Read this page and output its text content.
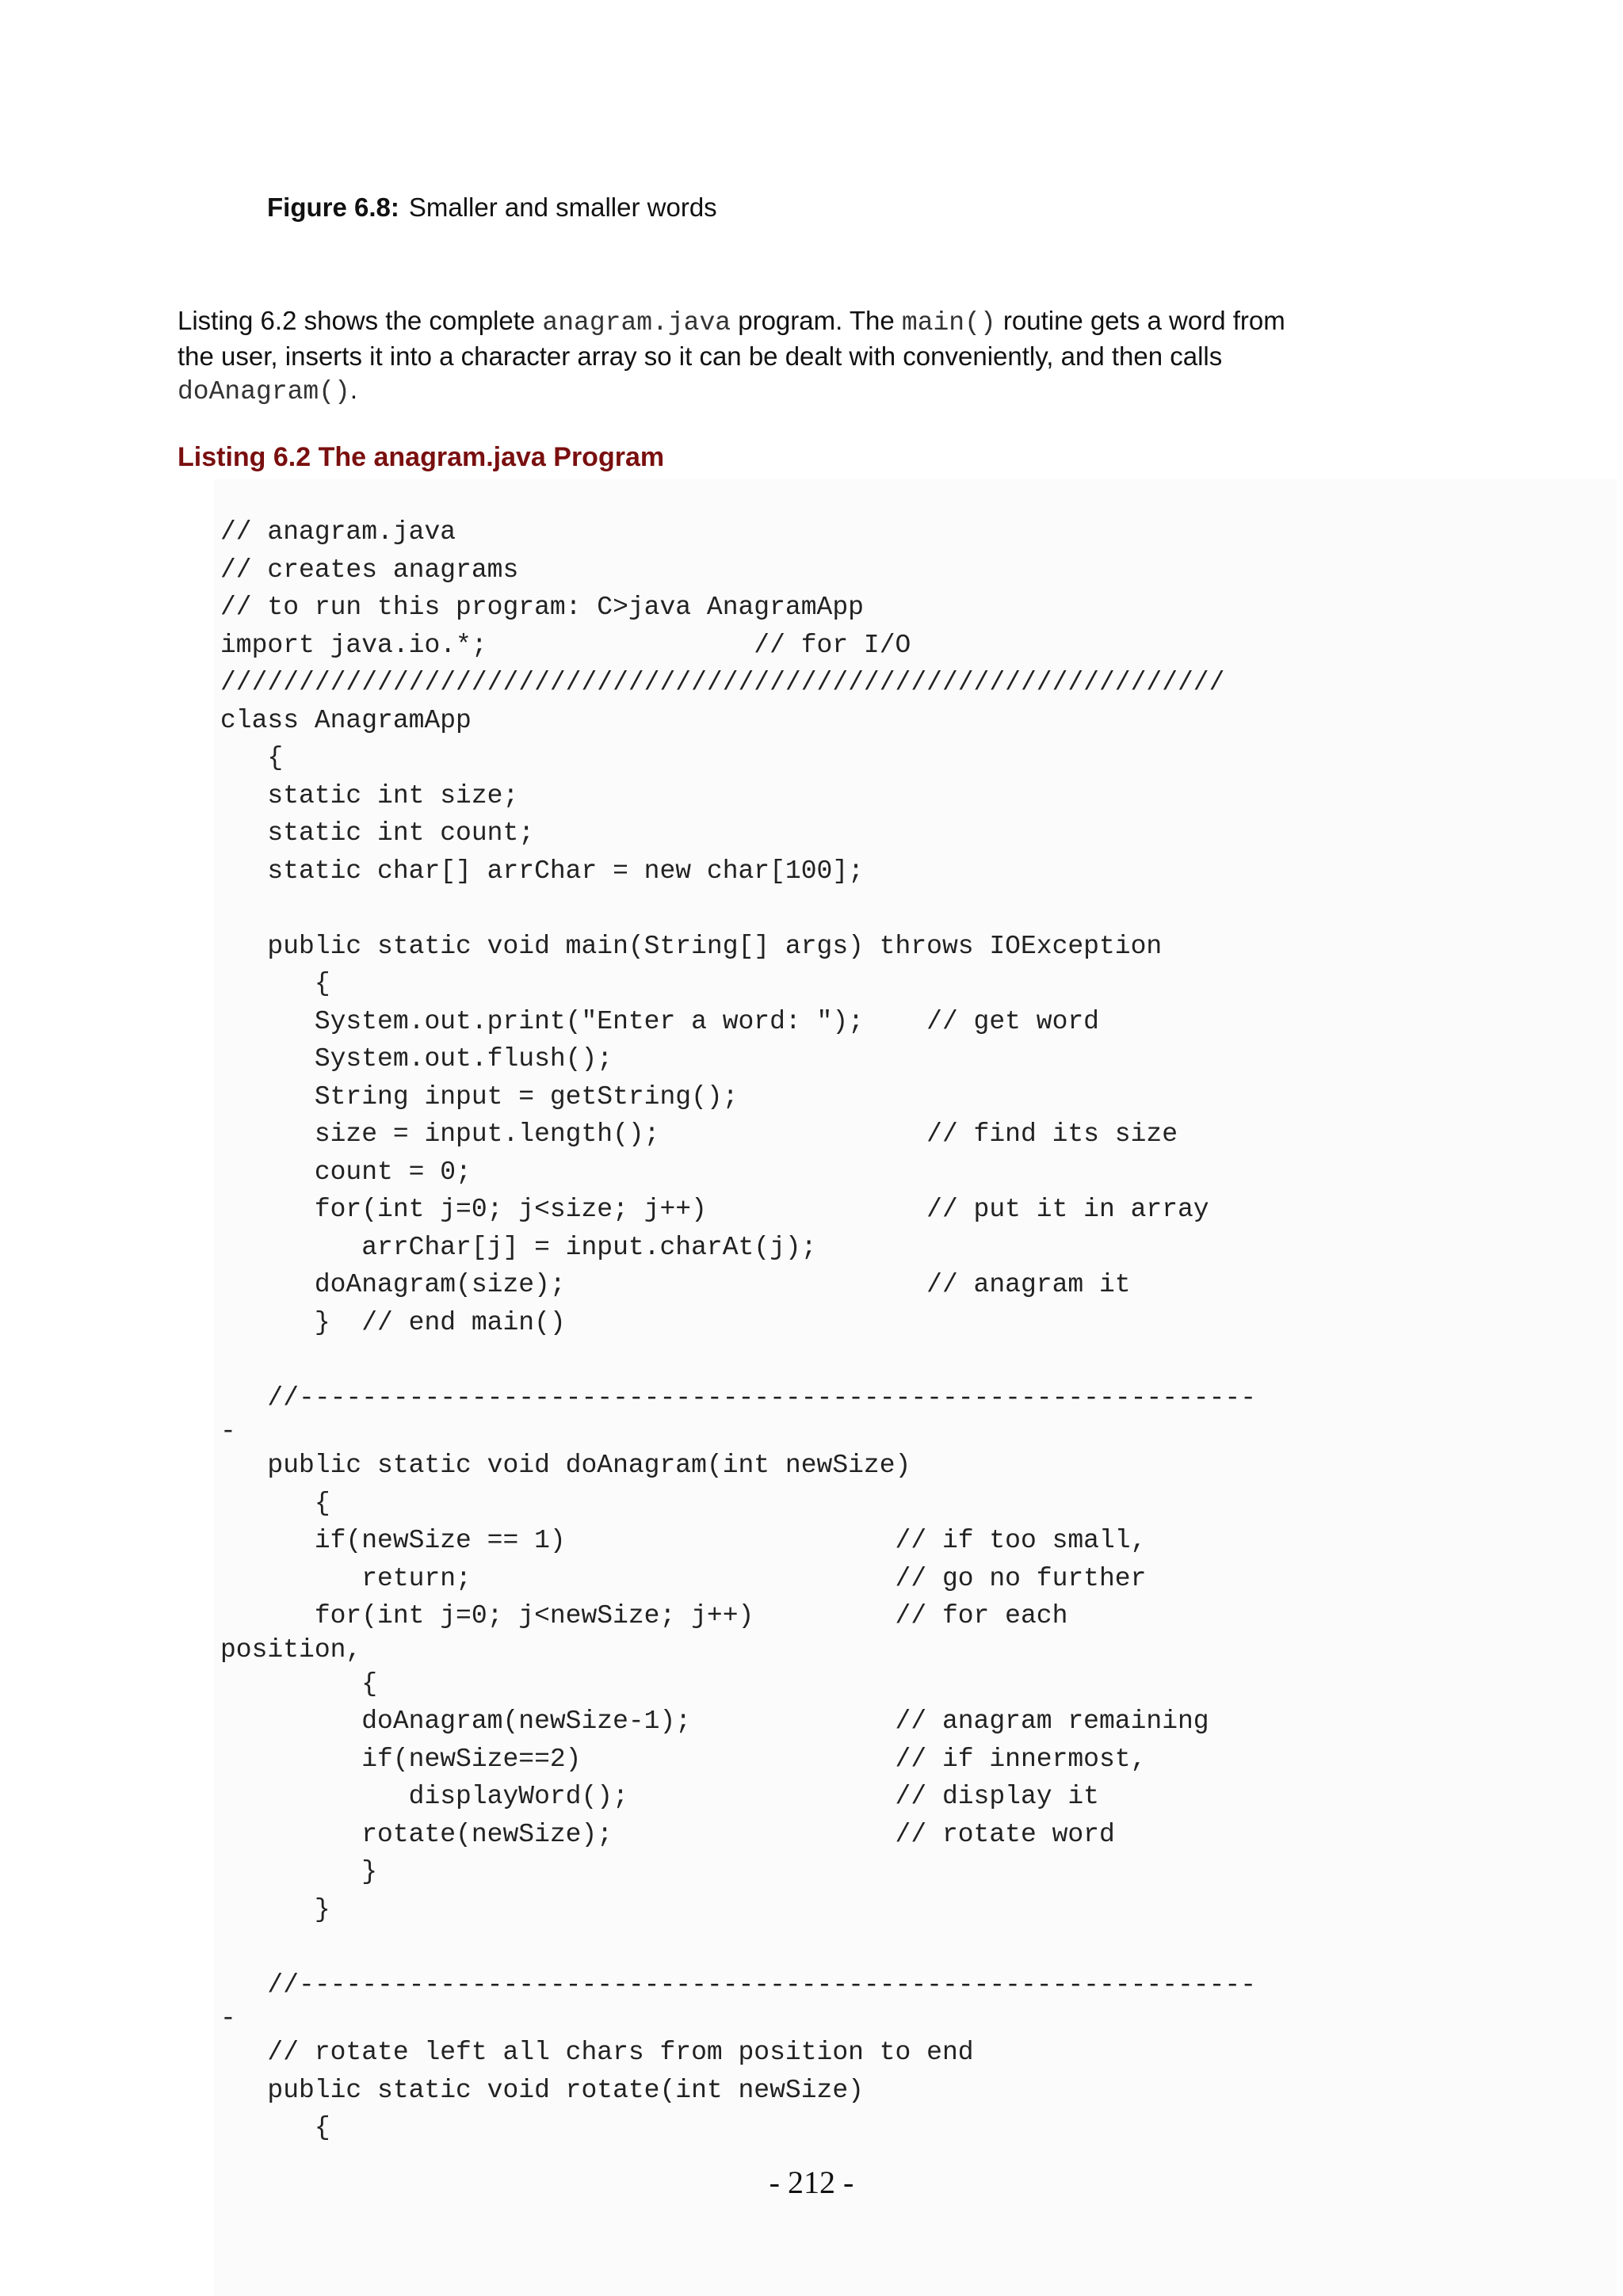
Figure 6.8: Smaller and smaller words
Listing 6.2 shows the complete anagram.java program. The main() routine gets a word from the user, inserts it into a character array so it can be dealt with conveniently, and then calls doAnagram().
Listing 6.2 The anagram.java Program
// anagram.java
// creates anagrams
// to run this program: C>java AnagramApp
import java.io.*;                 // for I/O
////////////////////////////////////////////////////////////////
class AnagramApp
{
static int size;
static int count;
static char[] arrChar = new char[100];

public static void main(String[] args) throws IOException
{
System.out.print("Enter a word: ");    // get word
System.out.flush();
String input = getString();
size = input.length();                 // find its size
count = 0;
for(int j=0; j<size; j++)              // put it in array
arrChar[j] = input.charAt(j);
doAnagram(size);                       // anagram it
}  // end main()

//-------------------------------------------------------------
-
public static void doAnagram(int newSize)
{
if(newSize == 1)                     // if too small,
return;                           // go no further
for(int j=0; j<newSize; j++)         // for each
position,
{
doAnagram(newSize-1);             // anagram remaining
if(newSize==2)                    // if innermost,
displayWord();                 // display it
rotate(newSize);                  // rotate word
}
}

//-------------------------------------------------------------
-
// rotate left all chars from position to end
public static void rotate(int newSize)
{
- 212 -
